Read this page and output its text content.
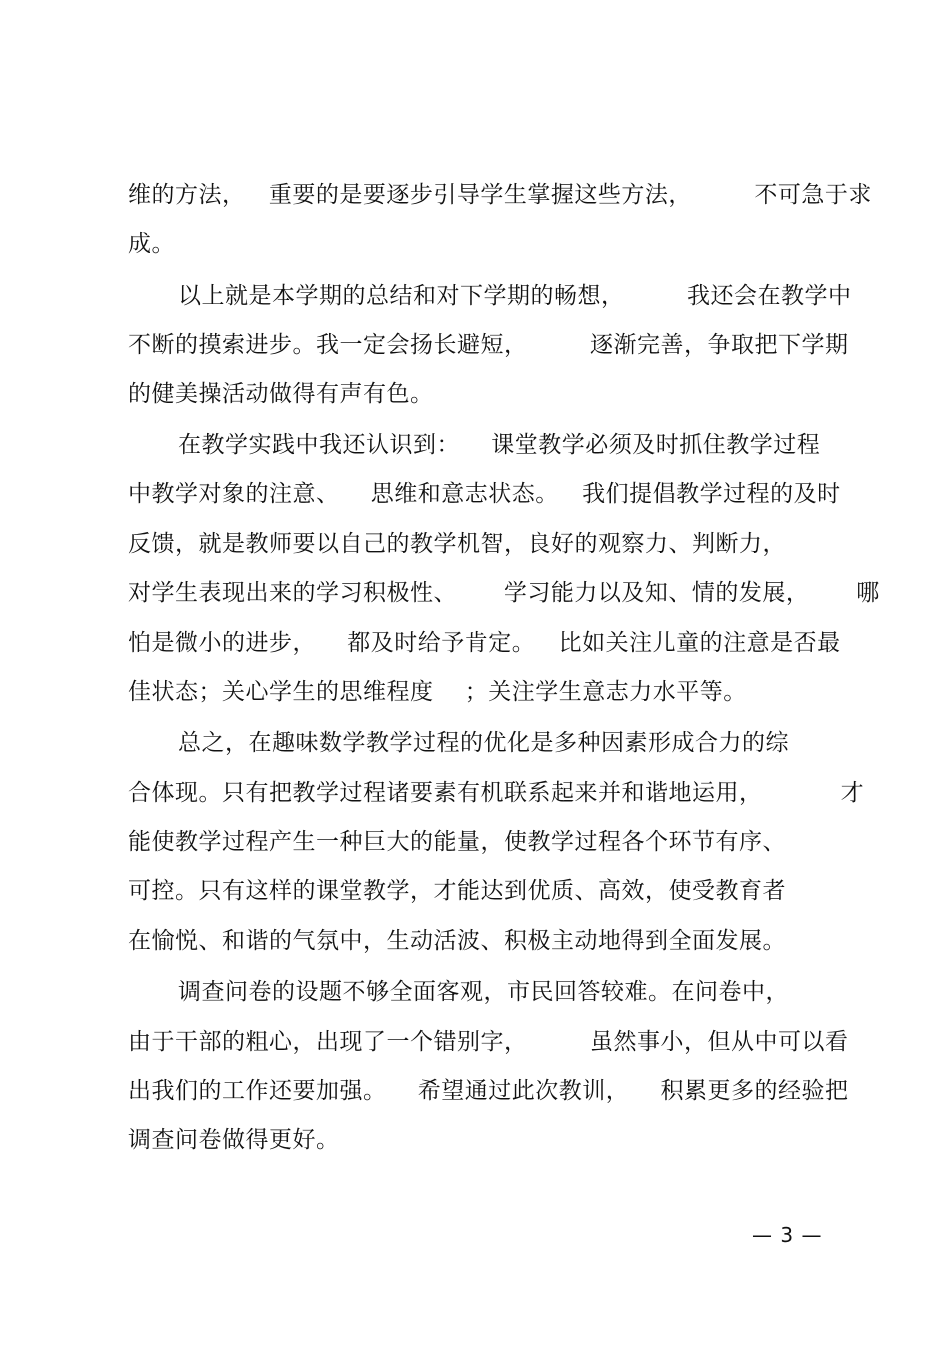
维的方法，   重要的是要逐步引导学生掌握这些方法，        不可急于求
成。
以上就是本学期的总结和对下学期的畅想，        我还会在教学中
不断的摸索进步。我一定会扬长避短，        逐渐完善，争取把下学期
的健美操活动做得有声有色。
在教学实践中我还认识到：    课堂教学必须及时抓住教学过程
中教学对象的注意、    思维和意志状态。   我们提倡教学过程的及时
反馈，就是教师要以自己的教学机智，良好的观察力、判断力，
对学生表现出来的学习积极性、      学习能力以及知、情的发展，      哪
怕是微小的进步，    都及时给予肯定。   比如关注儿童的注意是否最
佳状态；关心学生的思维程度    ；关注学生意志力水平等。
总之，在趣味数学教学过程的优化是多种因素形成合力的综
合体现。只有把教学过程诸要素有机联系起来并和谐地运用，          才
能使教学过程产生一种巨大的能量，使教学过程各个环节有序、
可控。只有这样的课堂教学，才能达到优质、高效，使受教育者
在愉悦、和谐的气氛中，生动活波、积极主动地得到全面发展。
调查问卷的设题不够全面客观，市民回答较难。在问卷中，
由于干部的粗心，出现了一个错别字，        虽然事小，但从中可以看
出我们的工作还要加强。    希望通过此次教训，    积累更多的经验把
调查问卷做得更好。
— 3 —
